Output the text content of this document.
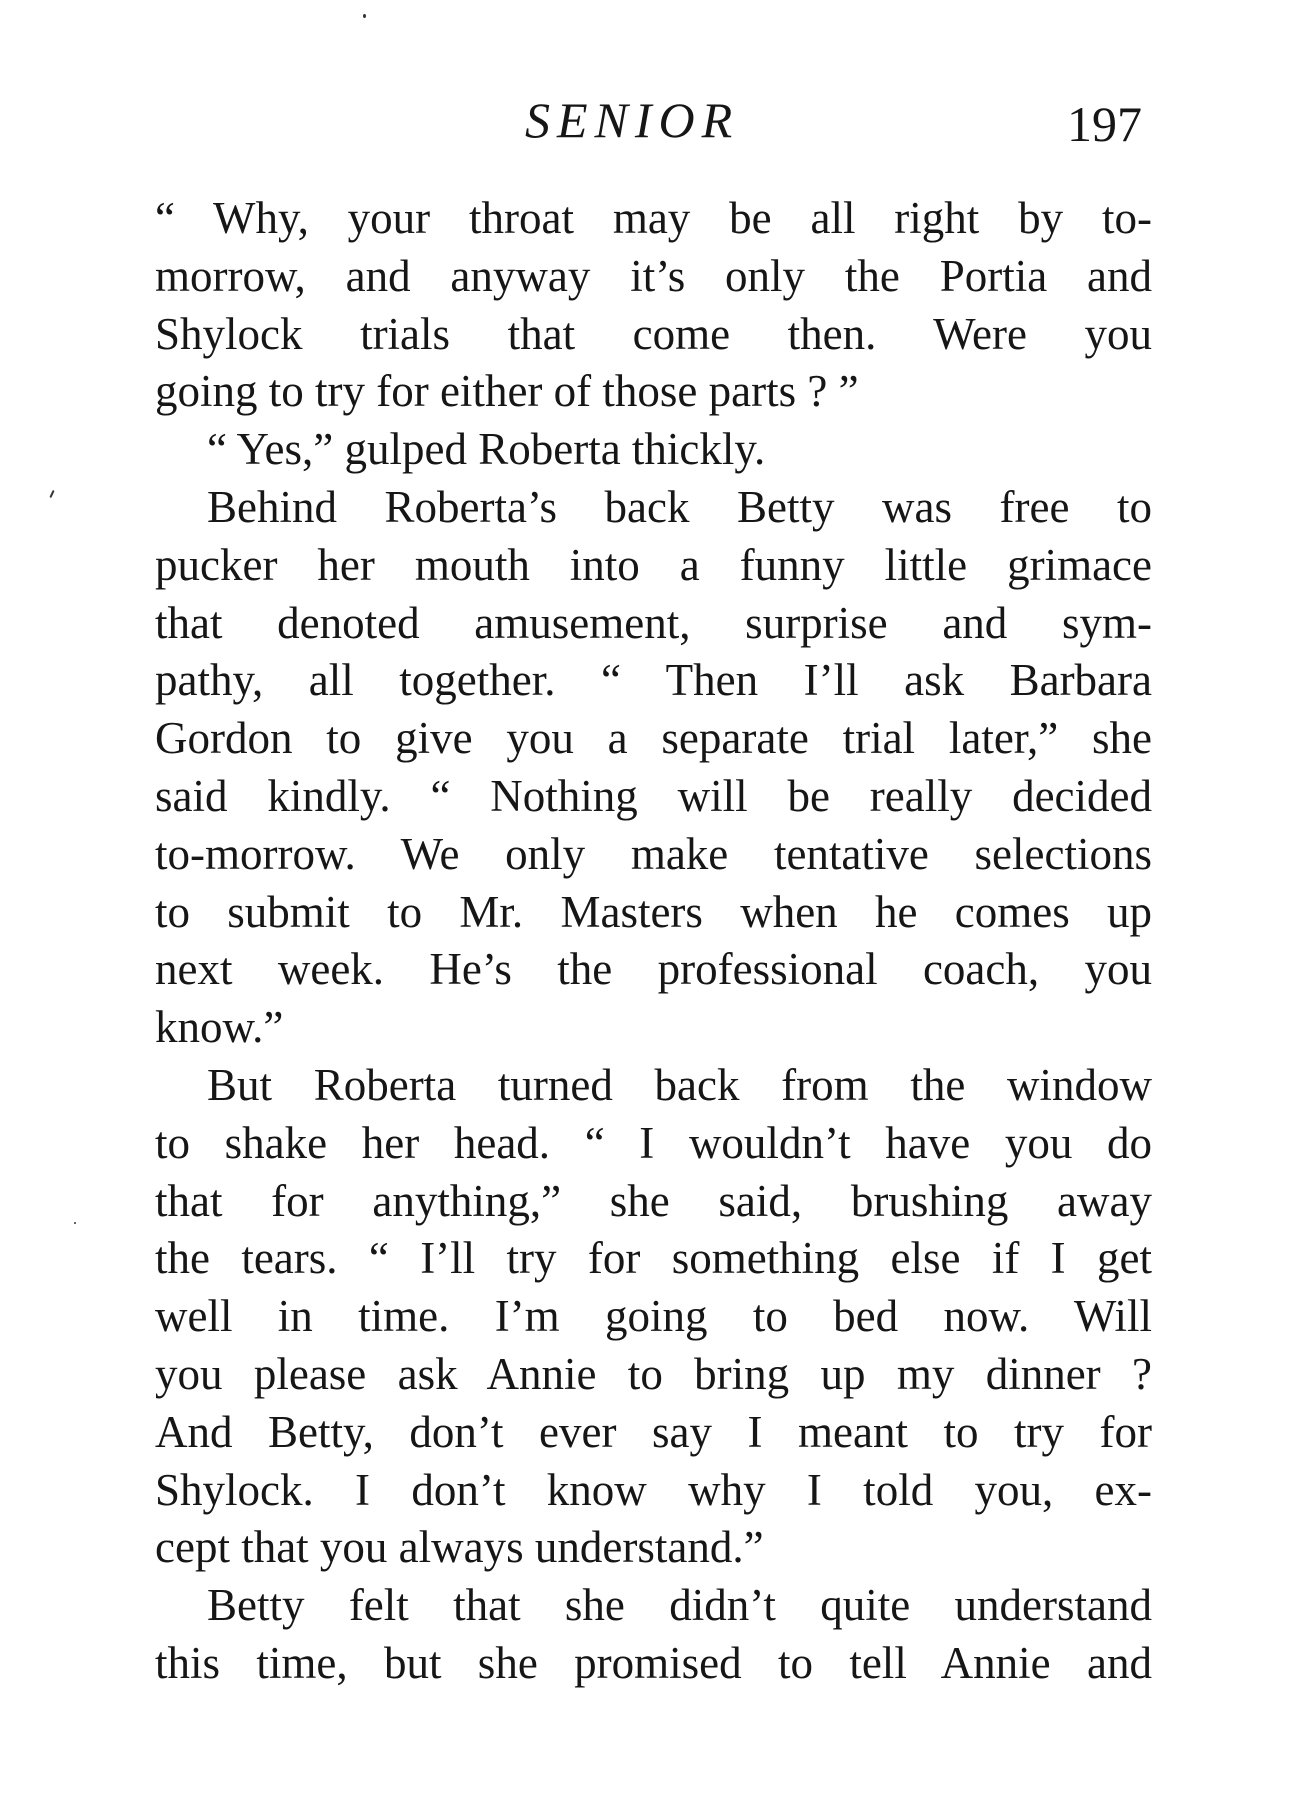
SENIOR	197
“ Why, your throat may be all right by to-
morrow, and anyway it’s only the Portia and
Shylock trials that come then. Were you
going to try for either of those parts ? ”
“ Yes,” gulped Roberta thickly.
Behind Roberta’s back Betty was free to
pucker her mouth into a funny little grimace
that denoted amusement, surprise and sym-
pathy, all together. “ Then I’ll ask Barbara
Gordon to give you a separate trial later,” she
said kindly. “ Nothing will be really decided
to-morrow. We only make tentative selections
to submit to Mr. Masters when he comes up
next week. He’s the professional coach, you
know.”
But Roberta turned back from the window
to shake her head. “ I wouldn’t have you do
that for anything,” she said, brushing away
the tears. “ I’ll try for something else if I get
well in time. I’m going to bed now. Will
you please ask Annie to bring up my dinner ?
And Betty, don’t ever say I meant to try for
Shylock. I don’t know why I told you, ex-
cept that you always understand.”
Betty felt that she didn’t quite understand
this time, but she promised to tell Annie and
